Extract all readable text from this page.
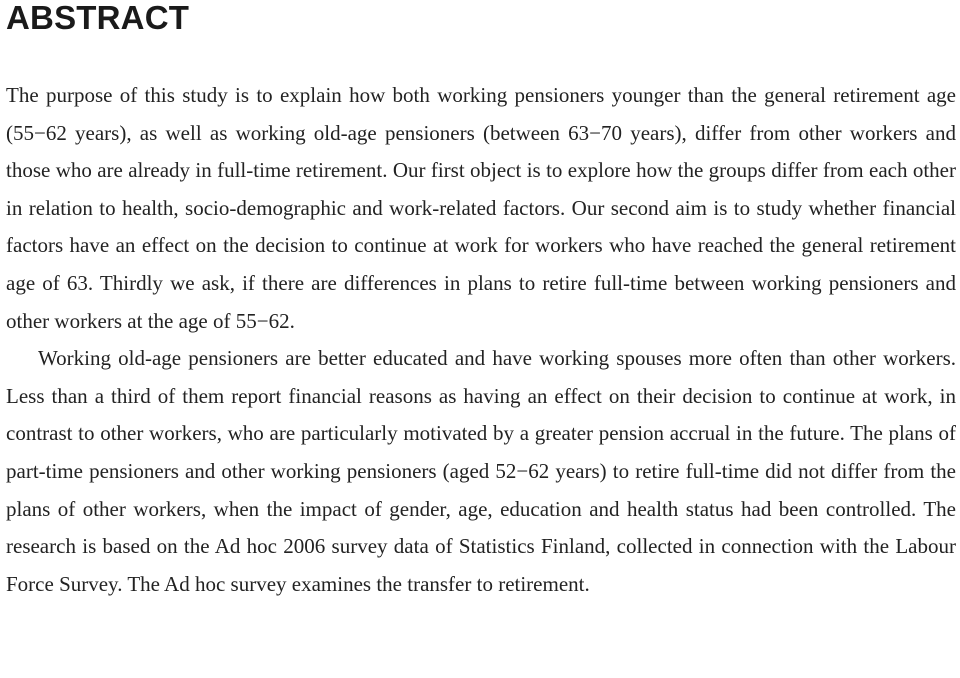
ABSTRACT

The purpose of this study is to explain how both working pensioners younger than the general retirement age (55−62 years), as well as working old-age pensioners (between 63−70 years), differ from other workers and those who are already in full-time retirement. Our first object is to explore how the groups differ from each other in relation to health, socio-demographic and work-related factors. Our second aim is to study whether financial factors have an effect on the decision to continue at work for workers who have reached the general retirement age of 63. Thirdly we ask, if there are differences in plans to retire full-time between working pensioners and other workers at the age of 55−62.

Working old-age pensioners are better educated and have working spouses more often than other workers. Less than a third of them report financial reasons as having an effect on their decision to continue at work, in contrast to other workers, who are particularly motivated by a greater pension accrual in the future. The plans of part-time pensioners and other working pensioners (aged 52−62 years) to retire full-time did not differ from the plans of other workers, when the impact of gender, age, education and health status had been controlled. The research is based on the Ad hoc 2006 survey data of Statistics Finland, collected in connection with the Labour Force Survey. The Ad hoc survey examines the transfer to retirement.
